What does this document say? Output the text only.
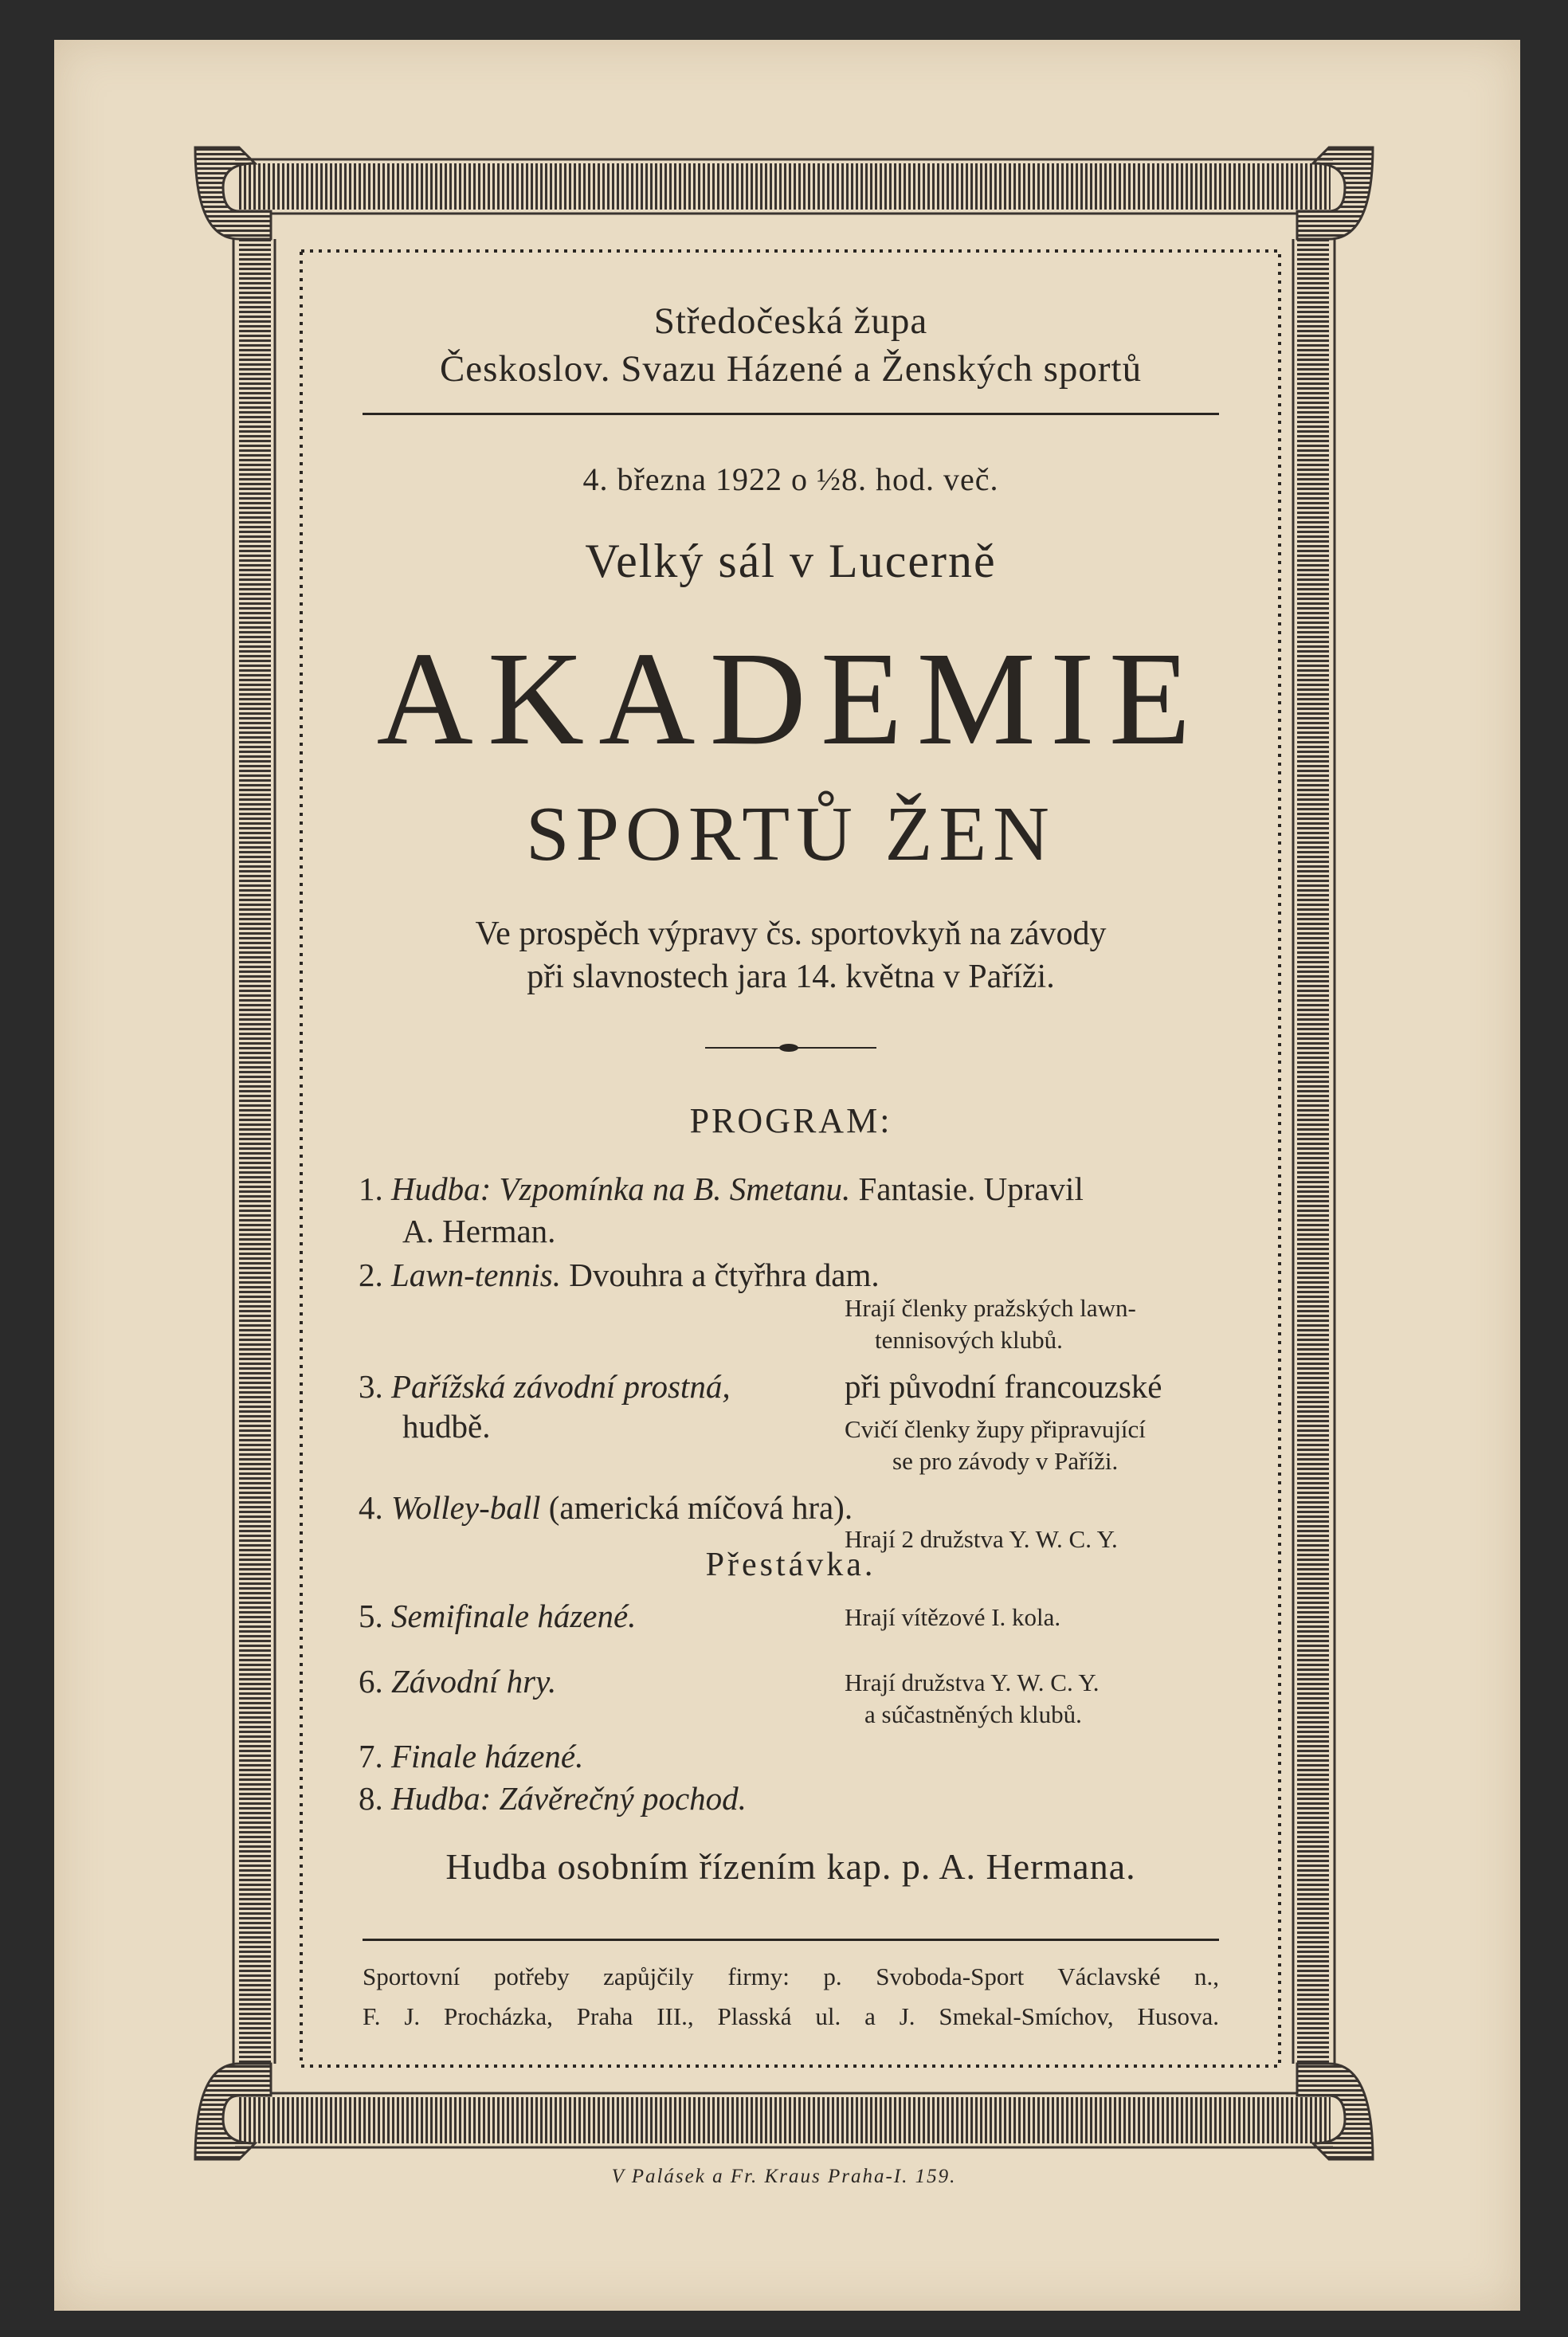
Středočeská župa
Českoslov. Svazu Házené a Ženských sportů
4. března 1922 o ½8. hod. več.
Velký sál v Lucerně
AKADEMIE
SPORTŮ ŽEN
Ve prospěch výpravy čs. sportovkyň na závody
při slavnostech jara 14. května v Paříži.
PROGRAM:
1. Hudba: Vzpomínka na B. Smetanu. Fantasie. Upravil
A. Herman.
2. Lawn-tennis. Dvouhra a čtyřhra dam.
Hrají členky pražských lawn-
tennisových klubů.
3. Pařížská závodní prostná,	při původní francouzské
hudbě.	Cvičí členky župy připravující
se pro závody v Paříži.
4. Wolley-ball (americká míčová hra).
Hrají 2 družstva Y. W. C. Y.
Přestávka.
5. Semifinale házené.	Hrají vítězové I. kola.
6. Závodní hry.	Hrají družstva Y. W. C. Y.
a súčastněných klubů.
7. Finale házené.
8. Hudba: Závěrečný pochod.
Hudba osobním řízením kap. p. A. Hermana.
Sportovní potřeby zapůjčily firmy: p. Svoboda-Sport Václavské n.,
F. J. Procházka, Praha III., Plasská ul. a J. Smekal-Smíchov, Husova.
V Palásek a Fr. Kraus Praha-I. 159.
